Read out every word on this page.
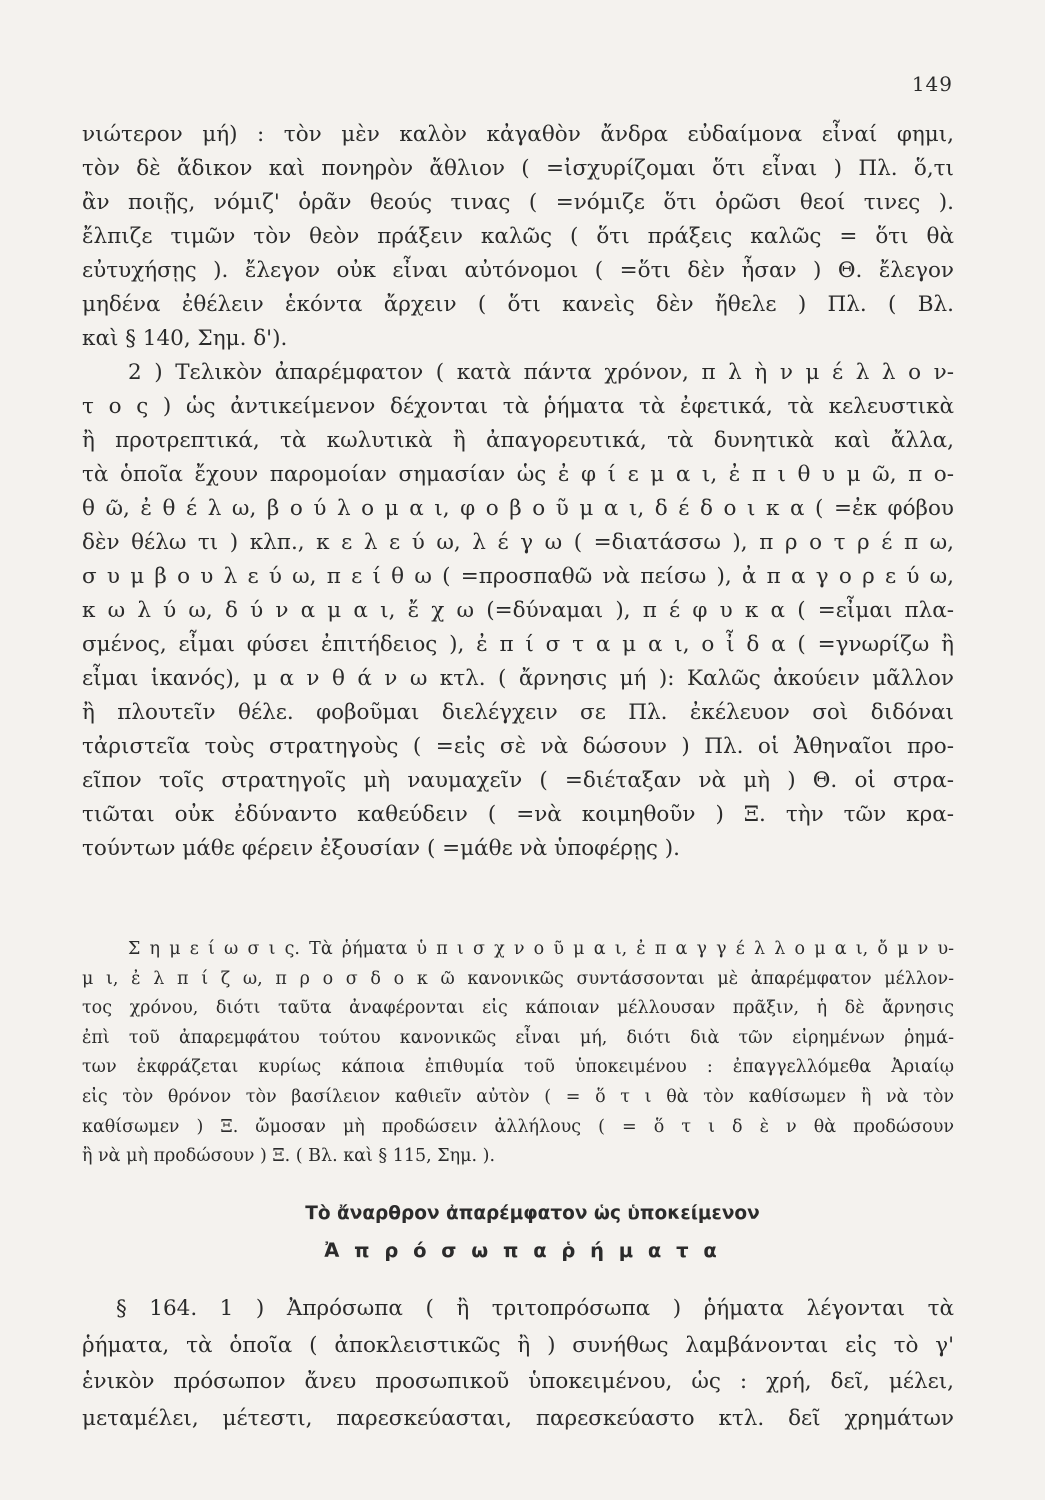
149
νιώτερον μή) : τὸν μὲν καλὸν κἀγαθὸν ἄνδρα εὐδαίμονα εἶναί φημι,
τὸν δὲ ἄδικον καὶ πονηρὸν ἄθλιον ( =ἰσχυρίζομαι ὅτι εἶναι ) Πλ. ὅ,τι
ἂν ποιῇς, νόμιζ' ὁρᾶν θεούς τινας ( =νόμιζε ὅτι ὁρῶσι θεοί τινες ).
ἔλπιζε τιμῶν τὸν θεὸν πράξειν καλῶς ( ὅτι πράξεις καλῶς = ὅτι θὰ
εὐτυχήσῃς ). ἔλεγον οὐκ εἶναι αὐτόνομοι ( =ὅτι δὲν ἦσαν ) Θ. ἔλεγον
μηδένα ἐθέλειν ἑκόντα ἄρχειν ( ὅτι κανεὶς δὲν ἤθελε ) Πλ. ( Βλ.
καὶ § 140, Σημ. δ').
2 ) Τελικὸν ἀπαρέμφατον ( κατὰ πάντα χρόνον, π λ ὴ ν μ έ λ λ ο ν-
τ ο ς ) ὡς ἀντικείμενον δέχονται τὰ ῥήματα τὰ ἐφετικά, τὰ κελευστικὰ
ἢ προτρεπτικά, τὰ κωλυτικὰ ἢ ἀπαγορευτικά, τὰ δυνητικὰ καὶ ἄλλα,
τὰ ὁποῖα ἔχουν παρομοίαν σημασίαν ὡς ἐ φ ί ε μ α ι, ἐ π ι θ υ μ ῶ, π ο-
θ ῶ, ἐ θ έ λ ω, β ο ύ λ ο μ α ι, φ ο β ο ῦ μ α ι, δ έ δ ο ι κ α ( =ἐκ φόβου
δὲν θέλω τι ) κλπ., κ ε λ ε ύ ω, λ έ γ ω ( =διατάσσω ), π ρ ο τ ρ έ π ω,
σ υ μ β ο υ λ ε ύ ω, π ε ί θ ω ( =προσπαθῶ νὰ πείσω ), ἀ π α γ ο ρ ε ύ ω,
κ ω λ ύ ω, δ ύ ν α μ α ι, ἔ χ ω (=δύναμαι ), π έ φ υ κ α ( =εἶμαι πλα-
σμένος, εἶμαι φύσει ἐπιτήδειος ), ἐ π ί σ τ α μ α ι, ο ἶ δ α ( =γνωρίζω ἢ
εἶμαι ἱκανός), μ α ν θ ά ν ω κτλ. ( ἄρνησις μή ): Καλῶς ἀκούειν μᾶλλον
ἢ πλουτεῖν θέλε. φοβοῦμαι διελέγχειν σε Πλ. ἐκέλευον σοὶ διδόναι
τἀριστεῖα τοὺς στρατηγοὺς ( =εἰς σὲ νὰ δώσουν ) Πλ. οἱ Ἀθηναῖοι προ-
εῖπον τοῖς στρατηγοῖς μὴ ναυμαχεῖν ( =διέταξαν νὰ μὴ ) Θ. οἱ στρα-
τιῶται οὐκ ἐδύναντο καθεύδειν ( =νὰ κοιμηθοῦν ) Ξ. τὴν τῶν κρα-
τούντων μάθε φέρειν ἐξουσίαν ( =μάθε νὰ ὑποφέρῃς ).
Σ η μ ε ί ω σ ι ς. Τὰ ῥήματα ὑ π ι σ χ ν ο ῦ μ α ι, ἐ π α γ γ έ λ λ ο μ α ι, ὄ μ ν υ-
μ ι, ἐ λ π ί ζ ω, π ρ ο σ δ ο κ ῶ κανονικῶς συντάσσονται μὲ ἀπαρέμφατον μέλλον-
τος χρόνου, διότι ταῦτα ἀναφέρονται εἰς κάποιαν μέλλουσαν πρᾶξιν, ἡ δὲ ἄρνησις
ἐπὶ τοῦ ἀπαρεμφάτου τούτου κανονικῶς εἶναι μή, διότι διὰ τῶν εἰρημένων ῥημά-
των ἐκφράζεται κυρίως κάποια ἐπιθυμία τοῦ ὑποκειμένου : ἐπαγγελλόμεθα Ἀριαίῳ
εἰς τὸν θρόνον τὸν βασίλειον καθιεῖν αὐτὸν ( = ὅ τ ι θὰ τὸν καθίσωμεν ἢ νὰ τὸν
καθίσωμεν ) Ξ. ὤμοσαν μὴ προδώσειν ἀλλήλους ( = ὅ τ ι δ ὲ ν θὰ προδώσουν
ἢ νὰ μὴ προδώσουν ) Ξ. ( Βλ. καὶ § 115, Σημ. ).
Τὸ ἄναρθρον ἀπαρέμφατον ὡς ὑποκείμενον
Ἀ π ρ ό σ ω π α ῥ ή μ α τ α
§ 164. 1 ) Ἀπρόσωπα ( ἢ τριτοπρόσωπα ) ῥήματα λέγονται τὰ
ῥήματα, τὰ ὁποῖα ( ἀποκλειστικῶς ἢ ) συνήθως λαμβάνονται εἰς τὸ γ'
ἑνικὸν πρόσωπον ἄνευ προσωπικοῦ ὑποκειμένου, ὡς : χρή, δεῖ, μέλει,
μεταμέλει, μέτεστι, παρεσκεύασται, παρεσκεύαστο κτλ. δεῖ χρημάτων
